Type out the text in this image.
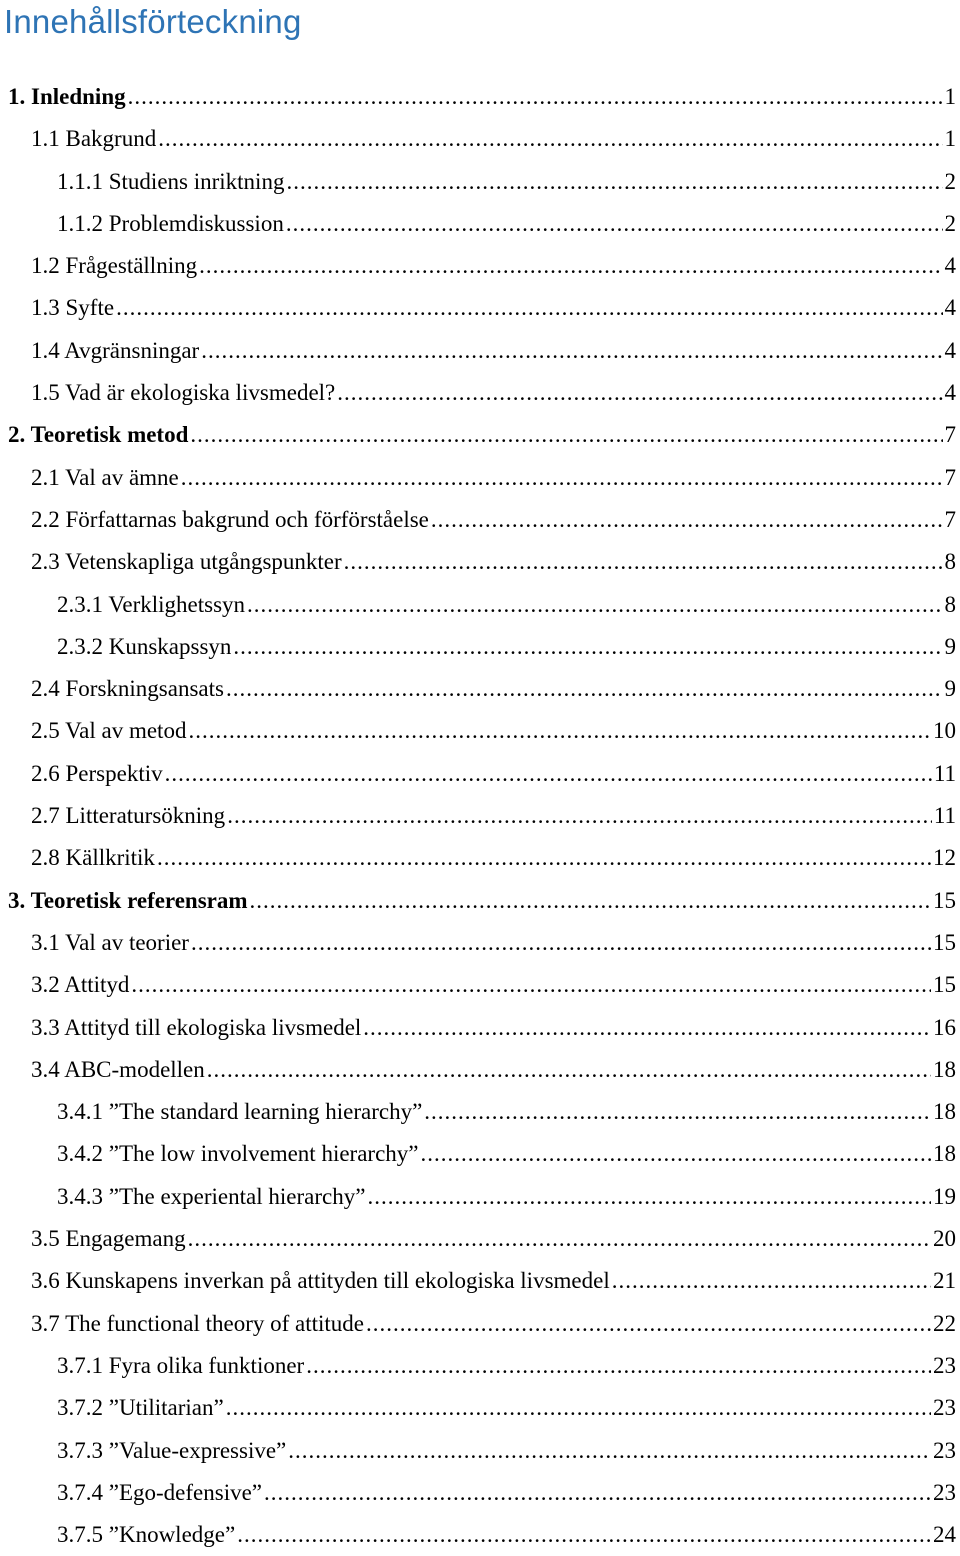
Innehållsförteckning
1. Inledning .....	1
1.1 Bakgrund .....	1
1.1.1 Studiens inriktning .....	2
1.1.2 Problemdiskussion .....	2
1.2 Frågeställning .....	4
1.3 Syfte .....	4
1.4 Avgränsningar .....	4
1.5 Vad är ekologiska livsmedel? .....	4
2. Teoretisk metod .....	7
2.1 Val av ämne .....	7
2.2 Författarnas bakgrund och förförståelse .....	7
2.3 Vetenskapliga utgångspunkter .....	8
2.3.1 Verklighetssyn .....	8
2.3.2 Kunskapssyn .....	9
2.4 Forskningsansats .....	9
2.5 Val av metod .....	10
2.6 Perspektiv .....	11
2.7 Litteratursökning .....	11
2.8 Källkritik .....	12
3. Teoretisk referensram .....	15
3.1 Val av teorier .....	15
3.2 Attityd .....	15
3.3 Attityd till ekologiska livsmedel .....	16
3.4 ABC-modellen .....	18
3.4.1 ”The standard learning hierarchy” .....	18
3.4.2 ”The low involvement hierarchy” .....	18
3.4.3 ”The experiental hierarchy” .....	19
3.5 Engagemang .....	20
3.6 Kunskapens inverkan på attityden till ekologiska livsmedel .....	21
3.7 The functional theory of attitude .....	22
3.7.1 Fyra olika funktioner .....	23
3.7.2 ”Utilitarian” .....	23
3.7.3 ”Value-expressive” .....	23
3.7.4 ”Ego-defensive” .....	23
3.7.5 ”Knowledge” .....	24
